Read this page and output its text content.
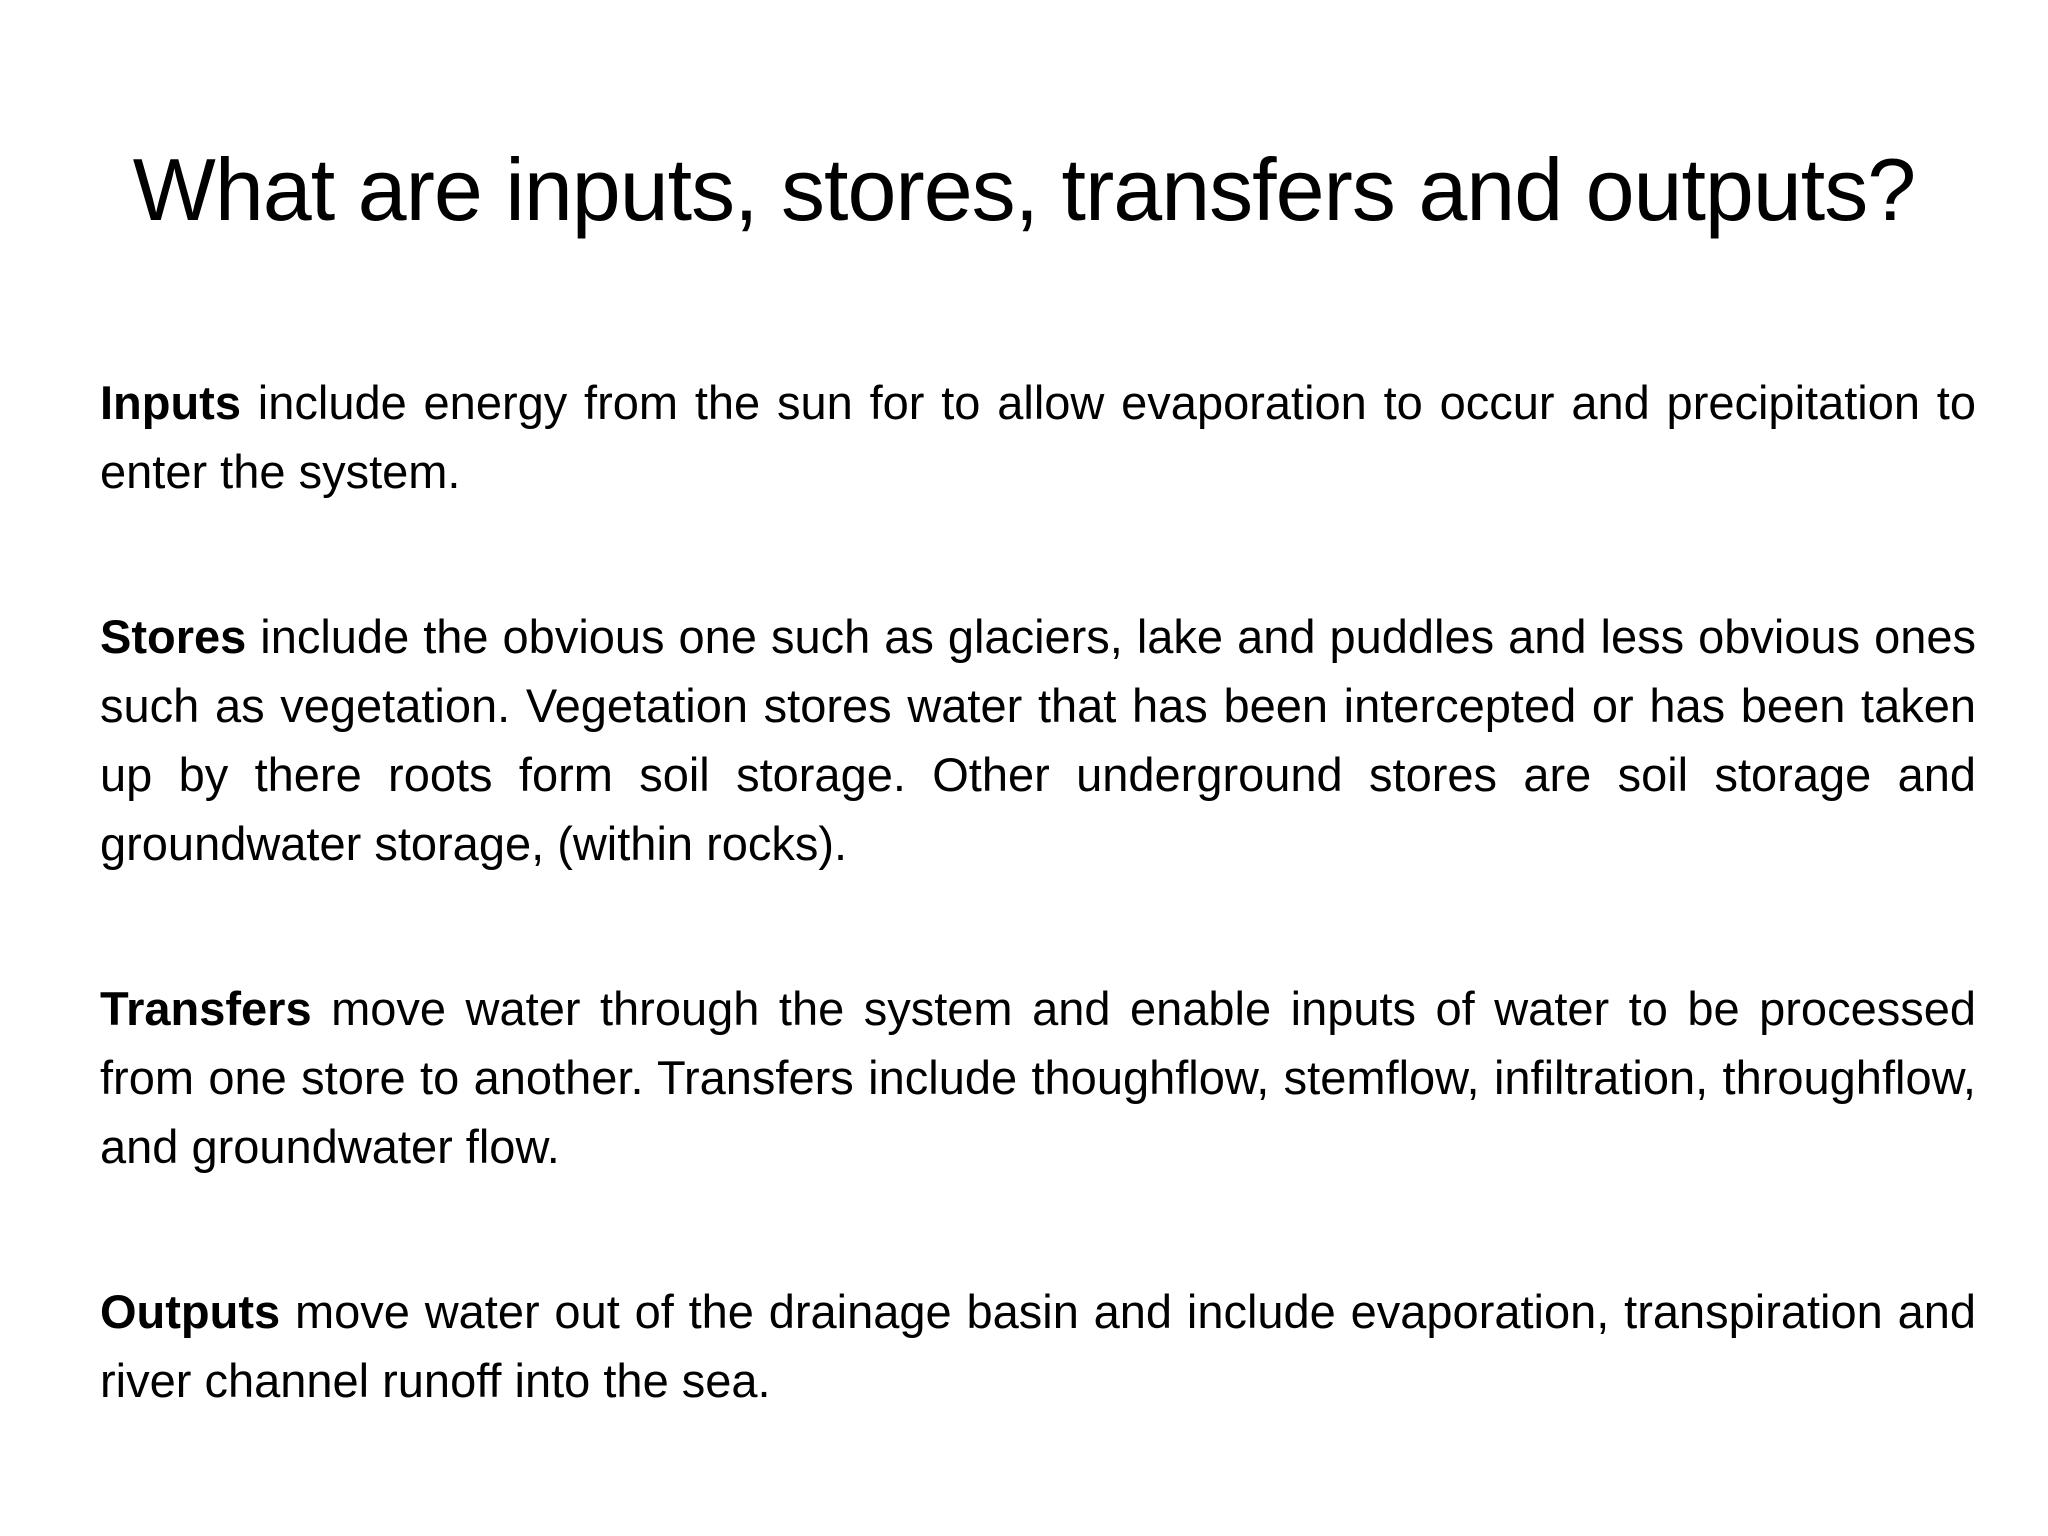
What are inputs, stores, transfers and outputs?

Inputs include energy from the sun for to allow evaporation to occur and precipitation to enter the system.

Stores include the obvious one such as glaciers, lake and puddles and less obvious ones such as vegetation. Vegetation stores water that has been intercepted or has been taken up by there roots form soil storage. Other underground stores are soil storage and groundwater storage, (within rocks).

Transfers move water through the system and enable inputs of water to be processed from one store to another. Transfers include thoughflow, stemflow, infiltration, throughflow, and groundwater flow.

Outputs move water out of the drainage basin and include evaporation, transpiration and river channel runoff into the sea.
